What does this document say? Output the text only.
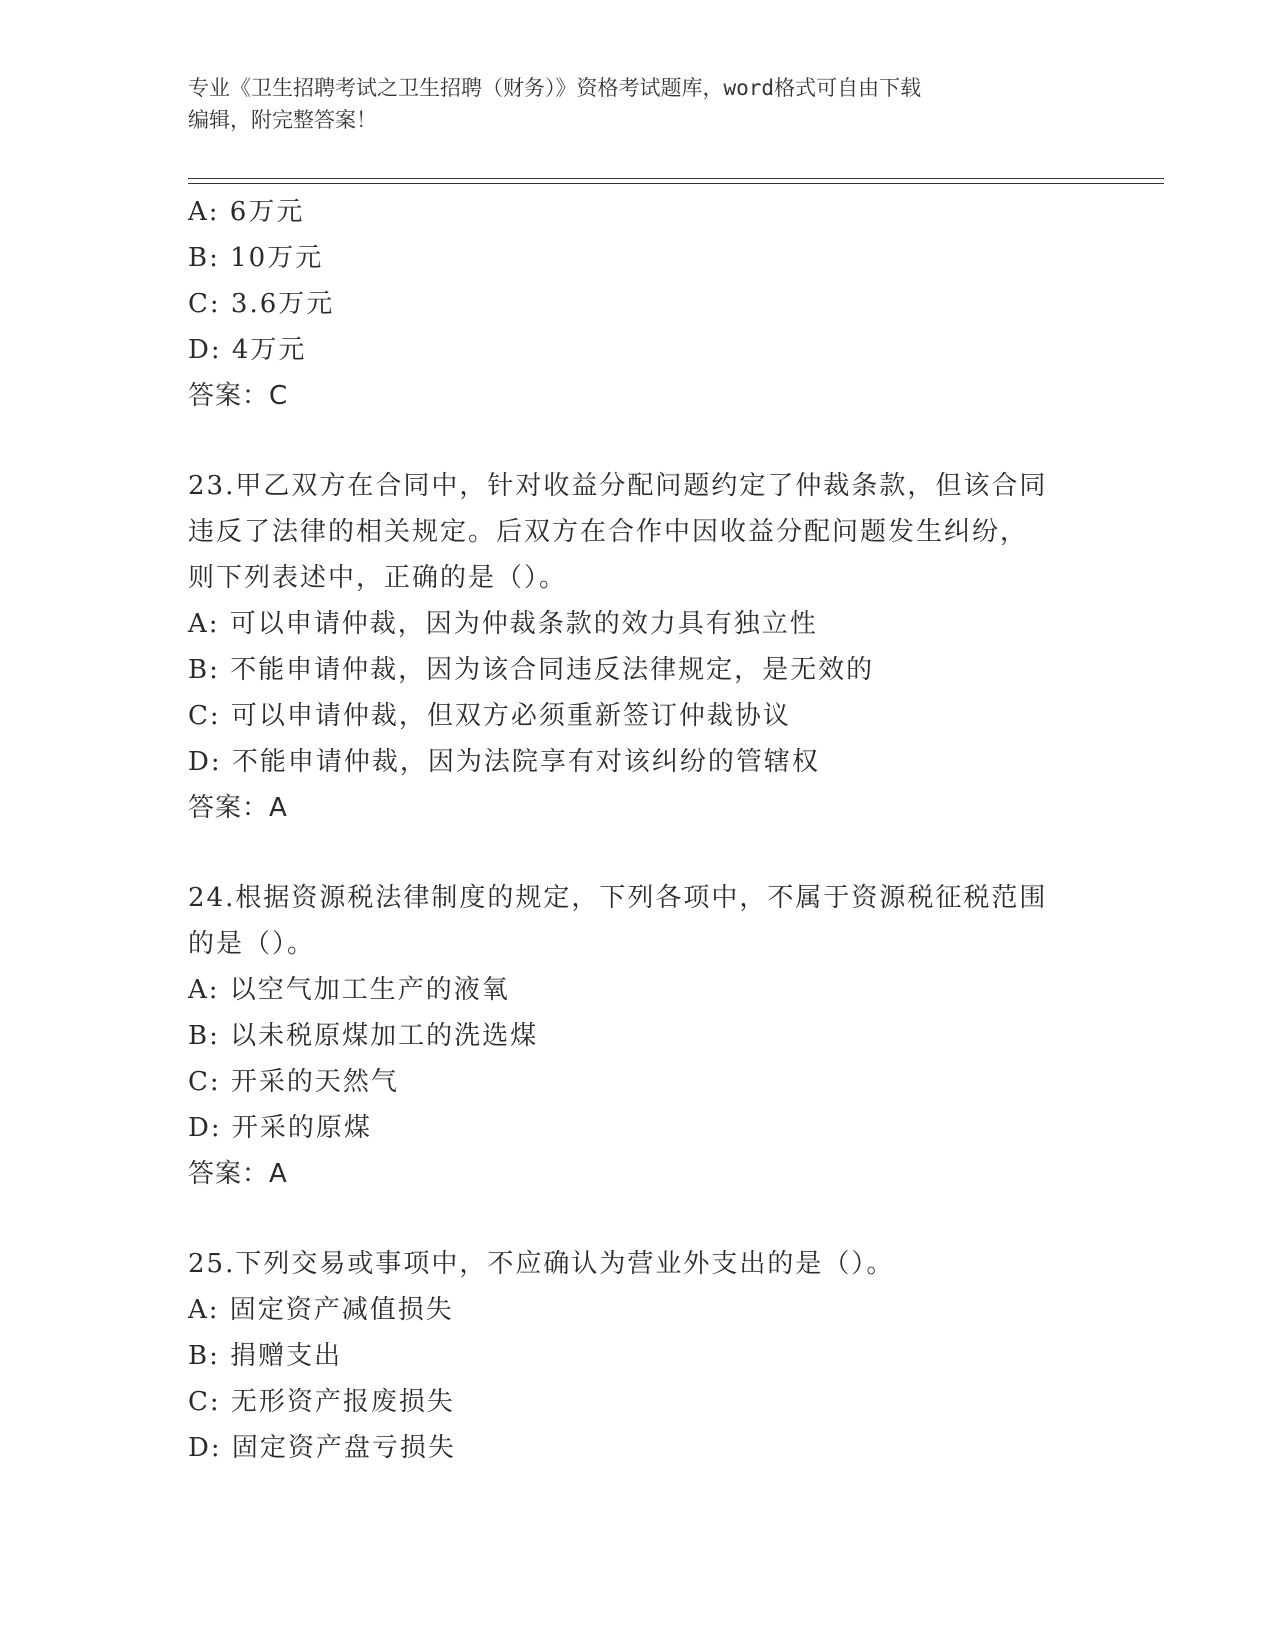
专业《卫生招聘考试之卫生招聘（财务）》资格考试题库，word格式可自由下载
编辑，附完整答案！
A: 6万元
B: 10万元
C: 3.6万元
D: 4万元
答案：C
23.甲乙双方在合同中，针对收益分配问题约定了仲裁条款，但该合同
违反了法律的相关规定。后双方在合作中因收益分配问题发生纠纷，
则下列表述中，正确的是（）。
A: 可以申请仲裁，因为仲裁条款的效力具有独立性
B: 不能申请仲裁，因为该合同违反法律规定，是无效的
C: 可以申请仲裁，但双方必须重新签订仲裁协议
D: 不能申请仲裁，因为法院享有对该纠纷的管辖权
答案：A
24.根据资源税法律制度的规定，下列各项中，不属于资源税征税范围
的是（）。
A: 以空气加工生产的液氧
B: 以未税原煤加工的洗选煤
C: 开采的天然气
D: 开采的原煤
答案：A
25.下列交易或事项中，不应确认为营业外支出的是（）。
A: 固定资产减值损失
B: 捐赠支出
C: 无形资产报废损失
D: 固定资产盘亏损失
